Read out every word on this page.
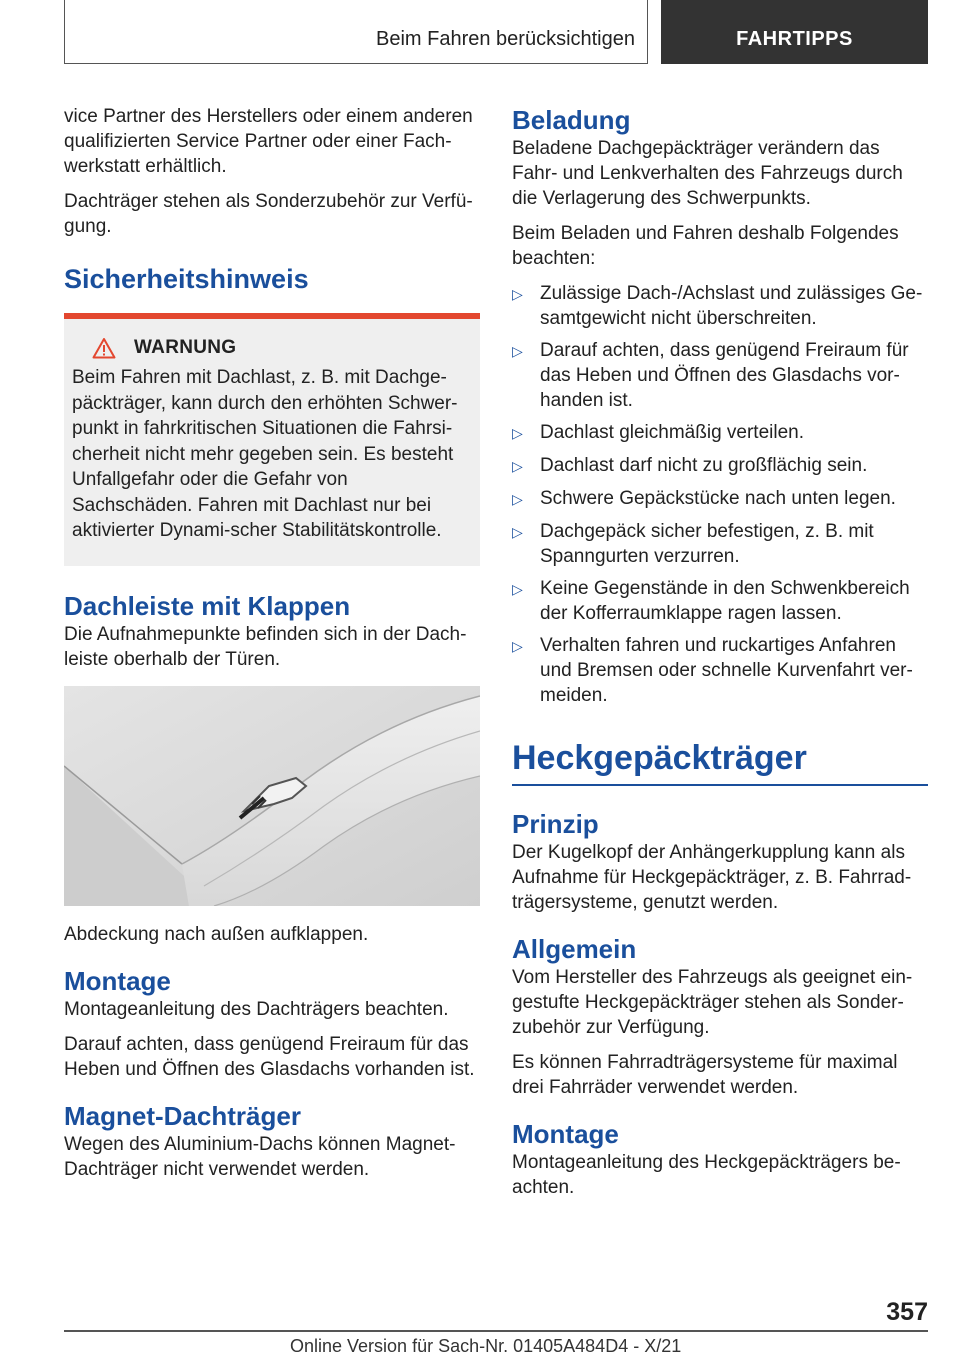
Beim Fahren berücksichtigen	FAHRTIPPS

vice Partner des Herstellers oder einem anderen qualifizierten Service Partner oder einer Fach-werkstatt erhältlich.

Dachträger stehen als Sonderzubehör zur Verfü-gung.

Sicherheitshinweis
WARNUNG

Beim Fahren mit Dachlast, z. B. mit Dachge-päckträger, kann durch den erhöhten Schwer-punkt in fahrkritischen Situationen die Fahrsi-cherheit nicht mehr gegeben sein. Es besteht Unfallgefahr oder die Gefahr von Sachschäden. Fahren mit Dachlast nur bei aktivierter Dynami-scher Stabilitätskontrolle.

Dachleiste mit Klappen

Die Aufnahmepunkte befinden sich in der Dach-leiste oberhalb der Türen.

Abdeckung nach außen aufklappen.

Montage

Montageanleitung des Dachträgers beachten.

Darauf achten, dass genügend Freiraum für das Heben und Öffnen des Glasdachs vorhanden ist.

Magnet-Dachträger

Wegen des Aluminium-Dachs können Magnet-Dachträger nicht verwendet werden.

Beladung

Beladene Dachgepäckträger verändern das Fahr- und Lenkverhalten des Fahrzeugs durch die Verlagerung des Schwerpunkts.

Beim Beladen und Fahren deshalb Folgendes beachten:

▷ Zulässige Dach-/Achslast und zulässiges Ge-samtgewicht nicht überschreiten.
▷ Darauf achten, dass genügend Freiraum für das Heben und Öffnen des Glasdachs vor-handen ist.
▷ Dachlast gleichmäßig verteilen.
▷ Dachlast darf nicht zu großflächig sein.
▷ Schwere Gepäckstücke nach unten legen.
▷ Dachgepäck sicher befestigen, z. B. mit Spanngurten verzurren.
▷ Keine Gegenstände in den Schwenkbereich der Kofferraumklappe ragen lassen.
▷ Verhalten fahren und ruckartiges Anfahren und Bremsen oder schnelle Kurvenfahrt ver-meiden.
Heckgepäckträger
Prinzip

Der Kugelkopf der Anhängerkupplung kann als Aufnahme für Heckgepäckträger, z. B. Fahrrad-trägersysteme, genutzt werden.

Allgemein

Vom Hersteller des Fahrzeugs als geeignet ein-gestufte Heckgepäckträger stehen als Sonder-zubehör zur Verfügung.

Es können Fahrradträgersysteme für maximal drei Fahrräder verwendet werden.

Montage

Montageanleitung des Heckgepäckträgers be-achten.

357
Online Version für Sach-Nr. 01405A484D4 - X/21
